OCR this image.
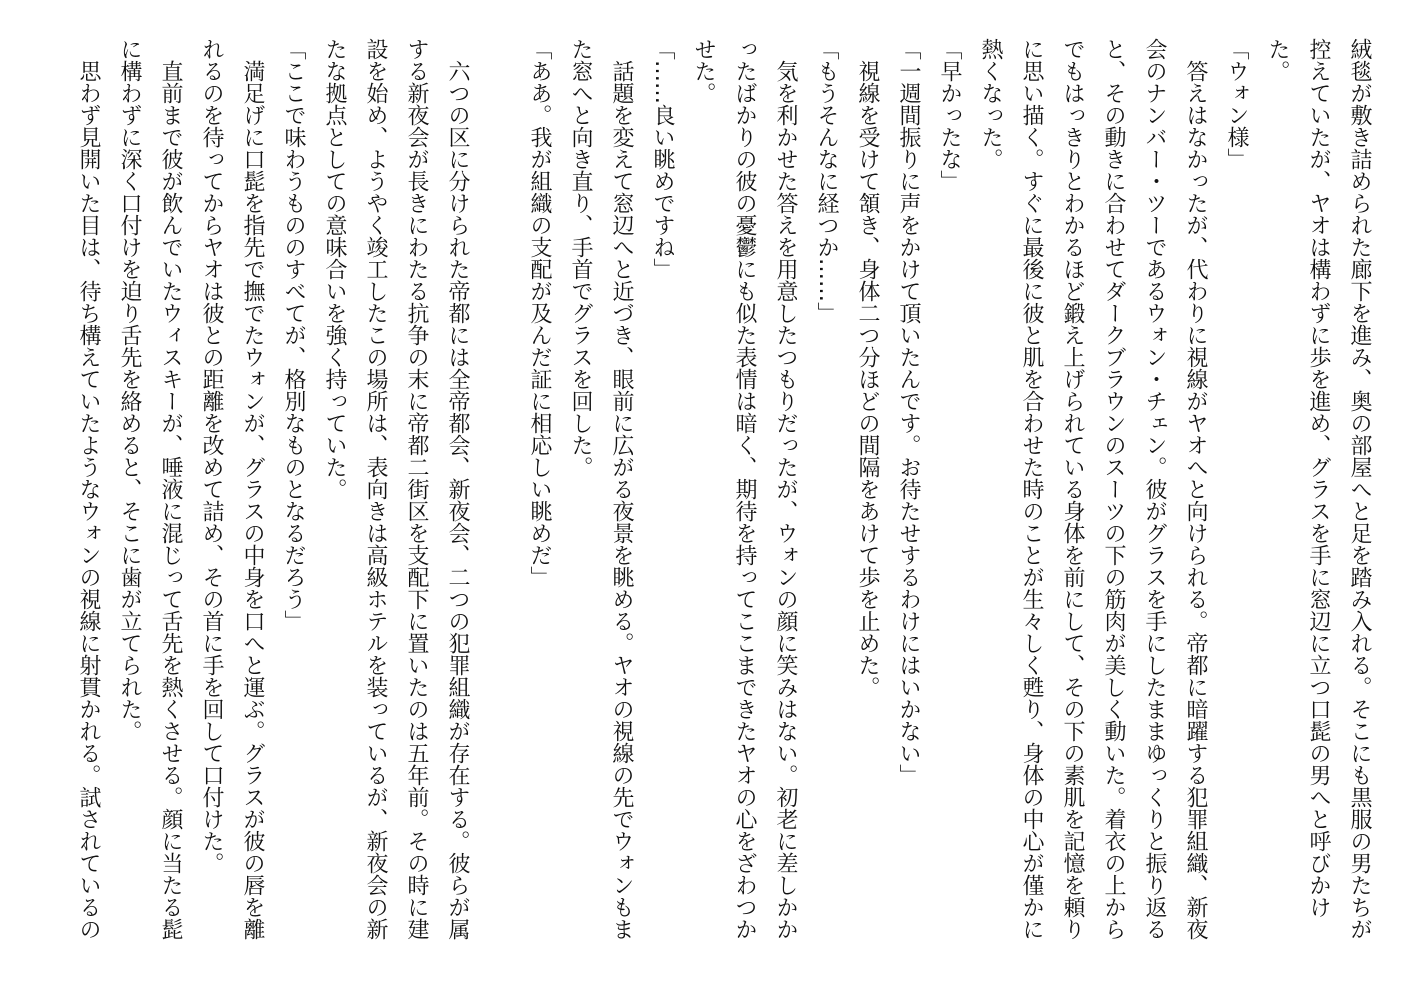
絨毯が敷き詰められた廊下を進み、奥の部屋へと足を踏み入れる。そこにも黒服の男たちが
控えていたが、ヤオは構わずに歩を進め、グラスを手に窓辺に立つ口髭の男へと呼びかけ
た。
「ウォン様」
　答えはなかったが、代わりに視線がヤオへと向けられる。帝都に暗躍する犯罪組織、新夜
会のナンバー・ツーであるウォン・チェン。彼がグラスを手にしたままゆっくりと振り返る
と、その動きに合わせてダークブラウンのスーツの下の筋肉が美しく動いた。着衣の上から
でもはっきりとわかるほど鍛え上げられている身体を前にして、その下の素肌を記憶を頼り
に思い描く。すぐに最後に彼と肌を合わせた時のことが生々しく甦り、身体の中心が僅かに
熱くなった。
「早かったな」
「一週間振りに声をかけて頂いたんです。お待たせするわけにはいかない」
　視線を受けて頷き、身体二つ分ほどの間隔をあけて歩を止めた。
「もうそんなに経つか……」
　気を利かせた答えを用意したつもりだったが、ウォンの顔に笑みはない。初老に差しかか
ったばかりの彼の憂鬱にも似た表情は暗く、期待を持ってここまできたヤオの心をざわつか
せた。
「……良い眺めですね」
　話題を変えて窓辺へと近づき、眼前に広がる夜景を眺める。ヤオの視線の先でウォンもま
た窓へと向き直り、手首でグラスを回した。
「ああ。我が組織の支配が及んだ証に相応しい眺めだ」
　六つの区に分けられた帝都には全帝都会、新夜会、二つの犯罪組織が存在する。彼らが属
する新夜会が長きにわたる抗争の末に帝都二街区を支配下に置いたのは五年前。その時に建
設を始め、ようやく竣工したこの場所は、表向きは高級ホテルを装っているが、新夜会の新
たな拠点としての意味合いを強く持っていた。
「ここで味わうもののすべてが、格別なものとなるだろう」
　満足げに口髭を指先で撫でたウォンが、グラスの中身を口へと運ぶ。グラスが彼の唇を離
れるのを待ってからヤオは彼との距離を改めて詰め、その首に手を回して口付けた。
　直前まで彼が飲んでいたウィスキーが、唾液に混じって舌先を熱くさせる。顔に当たる髭
に構わずに深く口付けを迫り舌先を絡めると、そこに歯が立てられた。
　思わず見開いた目は、待ち構えていたようなウォンの視線に射貫かれる。試されているの
